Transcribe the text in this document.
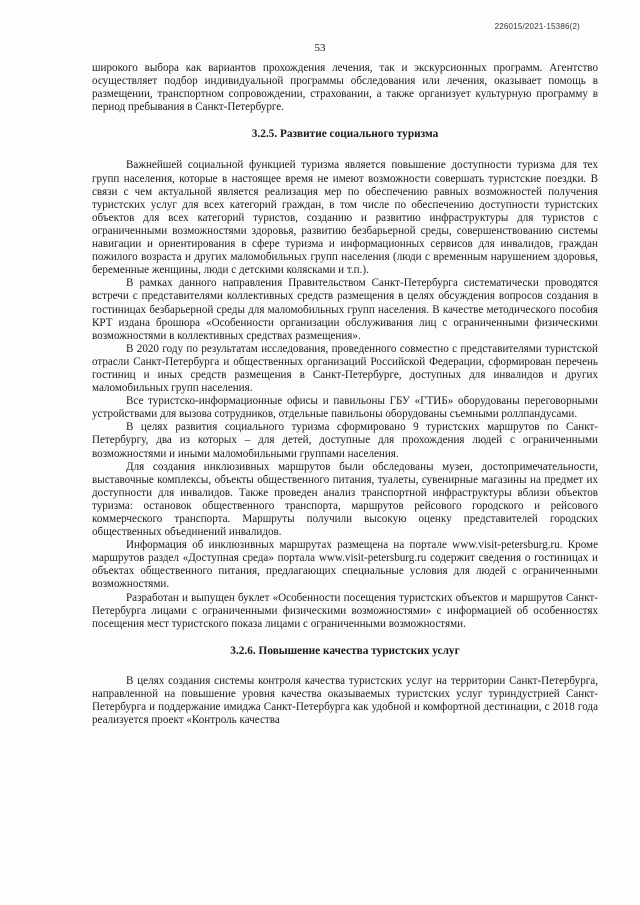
226015/2021-15386(2)
53

широкого выбора как вариантов прохождения лечения, так и экскурсионных программ. Агентство осуществляет подбор индивидуальной программы обследования или лечения, оказывает помощь в размещении, транспортном сопровождении, страховании, а также организует культурную программу в период пребывания в Санкт-Петербурге.

3.2.5. Развитие социального туризма

Важнейшей социальной функцией туризма является повышение доступности туризма для тех групп населения, которые в настоящее время не имеют возможности совершать туристские поездки. В связи с чем актуальной является реализация мер по обеспечению равных возможностей получения туристских услуг для всех категорий граждан, в том числе по обеспечению доступности туристских объектов для всех категорий туристов, созданию и развитию инфраструктуры для туристов с ограниченными возможностями здоровья, развитию безбарьерной среды, совершенствованию системы навигации и ориентирования в сфере туризма и информационных сервисов для инвалидов, граждан пожилого возраста и других маломобильных групп населения (люди с временным нарушением здоровья, беременные женщины, люди с детскими колясками и т.п.).

В рамках данного направления Правительством Санкт-Петербурга систематически проводятся встречи с представителями коллективных средств размещения в целях обсуждения вопросов создания в гостиницах безбарьерной среды для маломобильных групп населения. В качестве методического пособия КРТ издана брошюра «Особенности организации обслуживания лиц с ограниченными физическими возможностями в коллективных средствах размещения».

В 2020 году по результатам исследования, проведенного совместно с представителями туристской отрасли Санкт-Петербурга и общественных организаций Российской Федерации, сформирован перечень гостиниц и иных средств размещения в Санкт-Петербурге, доступных для инвалидов и других маломобильных групп населения.

Все туристско-информационные офисы и павильоны ГБУ «ГТИБ» оборудованы переговорными устройствами для вызова сотрудников, отдельные павильоны оборудованы съемными роллпандусами.

В целях развития социального туризма сформировано 9 туристских маршрутов по Санкт-Петербургу, два из которых – для детей, доступные для прохождения людей с ограниченными возможностями и иными маломобильными группами населения.

Для создания инклюзивных маршрутов были обследованы музеи, достопримечательности, выставочные комплексы, объекты общественного питания, туалеты, сувенирные магазины на предмет их доступности для инвалидов. Также проведен анализ транспортной инфраструктуры вблизи объектов туризма: остановок общественного транспорта, маршрутов рейсового городского и рейсового коммерческого транспорта. Маршруты получили высокую оценку представителей городских общественных объединений инвалидов.

Информация об инклюзивных маршрутах размещена на портале www.visit-petersburg.ru. Кроме маршрутов раздел «Доступная среда» портала www.visit-petersburg.ru содержит сведения о гостиницах и объектах общественного питания, предлагающих специальные условия для людей с ограниченными возможностями.

Разработан и выпущен буклет «Особенности посещения туристских объектов и маршрутов Санкт-Петербурга лицами с ограниченными физическими возможностями» с информацией об особенностях посещения мест туристского показа лицами с ограниченными возможностями.

3.2.6. Повышение качества туристских услуг

В целях создания системы контроля качества туристских услуг на территории Санкт-Петербурга, направленной на повышение уровня качества оказываемых туристских услуг туриндустрией Санкт-Петербурга и поддержание имиджа Санкт-Петербурга как удобной и комфортной дестинации, с 2018 года реализуется проект «Контроль качества
